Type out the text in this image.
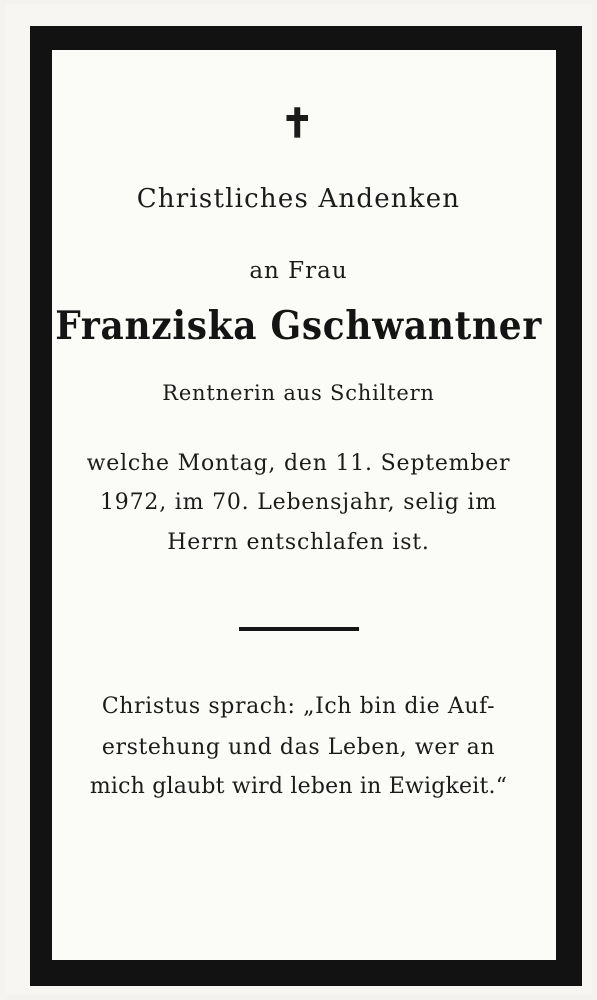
✝
Christliches Andenken
an Frau
Franziska Gschwantner
Rentnerin aus Schiltern
welche Montag, den 11. September
1972, im 70. Lebensjahr, selig im
Herrn entschlafen ist.
Christus sprach: „Ich bin die Auf-
erstehung und das Leben, wer an
mich glaubt wird leben in Ewigkeit.“
